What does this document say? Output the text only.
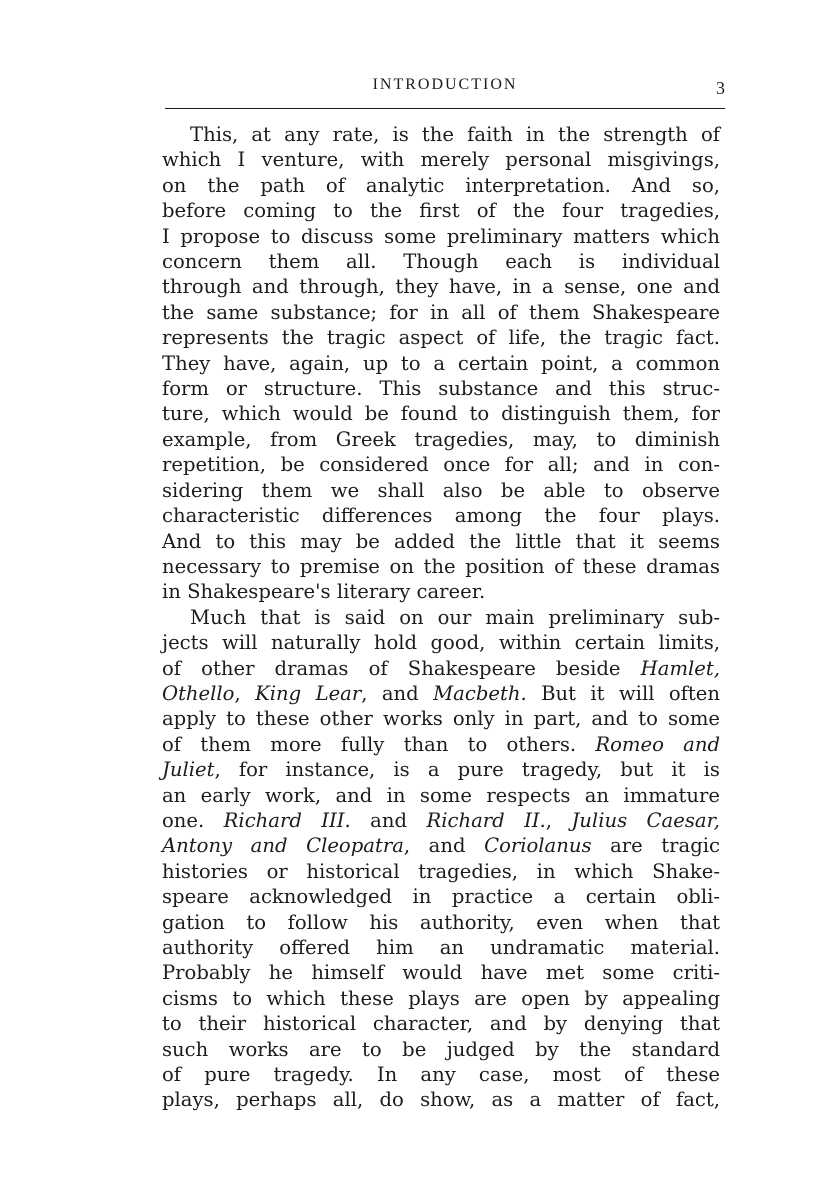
INTRODUCTION	3
This, at any rate, is the faith in the strength of
which I venture, with merely personal misgivings,
on the path of analytic interpretation. And so,
before coming to the first of the four tragedies,
I propose to discuss some preliminary matters which
concern them all. Though each is individual
through and through, they have, in a sense, one and
the same substance; for in all of them Shakespeare
represents the tragic aspect of life, the tragic fact.
They have, again, up to a certain point, a common
form or structure. This substance and this struc-
ture, which would be found to distinguish them, for
example, from Greek tragedies, may, to diminish
repetition, be considered once for all; and in con-
sidering them we shall also be able to observe
characteristic differences among the four plays.
And to this may be added the little that it seems
necessary to premise on the position of these dramas
in Shakespeare's literary career.
Much that is said on our main preliminary sub-
jects will naturally hold good, within certain limits,
of other dramas of Shakespeare beside Hamlet,
Othello, King Lear, and Macbeth. But it will often
apply to these other works only in part, and to some
of them more fully than to others. Romeo and
Juliet, for instance, is a pure tragedy, but it is
an early work, and in some respects an immature
one. Richard III. and Richard II., Julius Caesar,
Antony and Cleopatra, and Coriolanus are tragic
histories or historical tragedies, in which Shake-
speare acknowledged in practice a certain obli-
gation to follow his authority, even when that
authority offered him an undramatic material.
Probably he himself would have met some criti-
cisms to which these plays are open by appealing
to their historical character, and by denying that
such works are to be judged by the standard
of pure tragedy. In any case, most of these
plays, perhaps all, do show, as a matter of fact,
